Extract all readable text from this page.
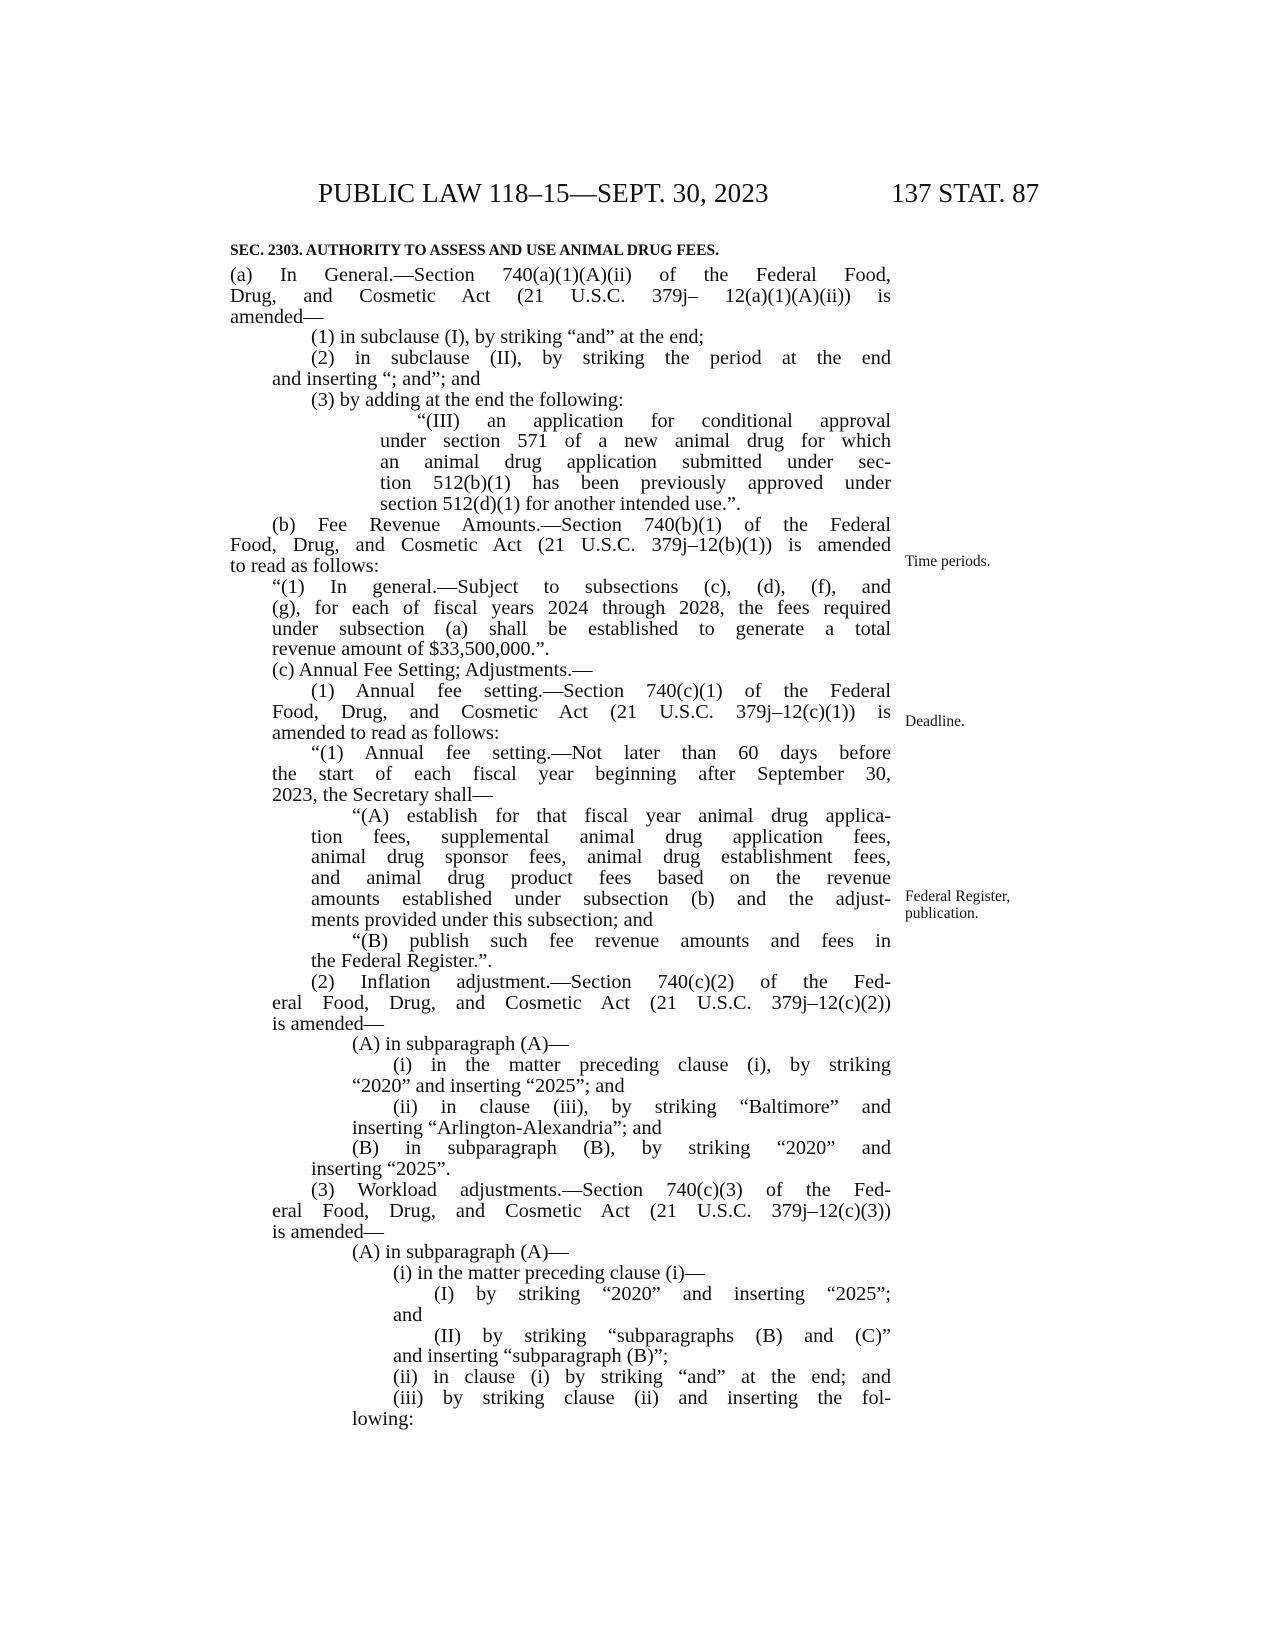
PUBLIC LAW 118–15—SEPT. 30, 2023	137 STAT. 87
SEC. 2303. AUTHORITY TO ASSESS AND USE ANIMAL DRUG FEES.
(a) In General.—Section 740(a)(1)(A)(ii) of the Federal Food,
Drug, and Cosmetic Act (21 U.S.C. 379j– 12(a)(1)(A)(ii)) is
amended—
(1) in subclause (I), by striking “and” at the end;
(2) in subclause (II), by striking the period at the end
and inserting “; and”; and
(3) by adding at the end the following:
“(III) an application for conditional approval
under section 571 of a new animal drug for which
an animal drug application submitted under sec-
tion 512(b)(1) has been previously approved under
section 512(d)(1) for another intended use.”.
(b) Fee Revenue Amounts.—Section 740(b)(1) of the Federal
Food, Drug, and Cosmetic Act (21 U.S.C. 379j–12(b)(1)) is amended
to read as follows:
“(1) In general.—Subject to subsections (c), (d), (f), and
(g), for each of fiscal years 2024 through 2028, the fees required
under subsection (a) shall be established to generate a total
revenue amount of $33,500,000.”.
(c) Annual Fee Setting; Adjustments.—
(1) Annual fee setting.—Section 740(c)(1) of the Federal
Food, Drug, and Cosmetic Act (21 U.S.C. 379j–12(c)(1)) is
amended to read as follows:
“(1) Annual fee setting.—Not later than 60 days before
the start of each fiscal year beginning after September 30,
2023, the Secretary shall—
“(A) establish for that fiscal year animal drug applica-
tion fees, supplemental animal drug application fees,
animal drug sponsor fees, animal drug establishment fees,
and animal drug product fees based on the revenue
amounts established under subsection (b) and the adjust-
ments provided under this subsection; and
“(B) publish such fee revenue amounts and fees in
the Federal Register.”.
(2) Inflation adjustment.—Section 740(c)(2) of the Fed-
eral Food, Drug, and Cosmetic Act (21 U.S.C. 379j–12(c)(2))
is amended—
(A) in subparagraph (A)—
(i) in the matter preceding clause (i), by striking
“2020” and inserting “2025”; and
(ii) in clause (iii), by striking “Baltimore” and
inserting “Arlington-Alexandria”; and
(B) in subparagraph (B), by striking “2020” and
inserting “2025”.
(3) Workload adjustments.—Section 740(c)(3) of the Fed-
eral Food, Drug, and Cosmetic Act (21 U.S.C. 379j–12(c)(3))
is amended—
(A) in subparagraph (A)—
(i) in the matter preceding clause (i)—
(I) by striking “2020” and inserting “2025”;
and
(II) by striking “subparagraphs (B) and (C)”
and inserting “subparagraph (B)”;
(ii) in clause (i) by striking “and” at the end; and
(iii) by striking clause (ii) and inserting the fol-
lowing:
Time periods.
Deadline.
Federal Register,
publication.
